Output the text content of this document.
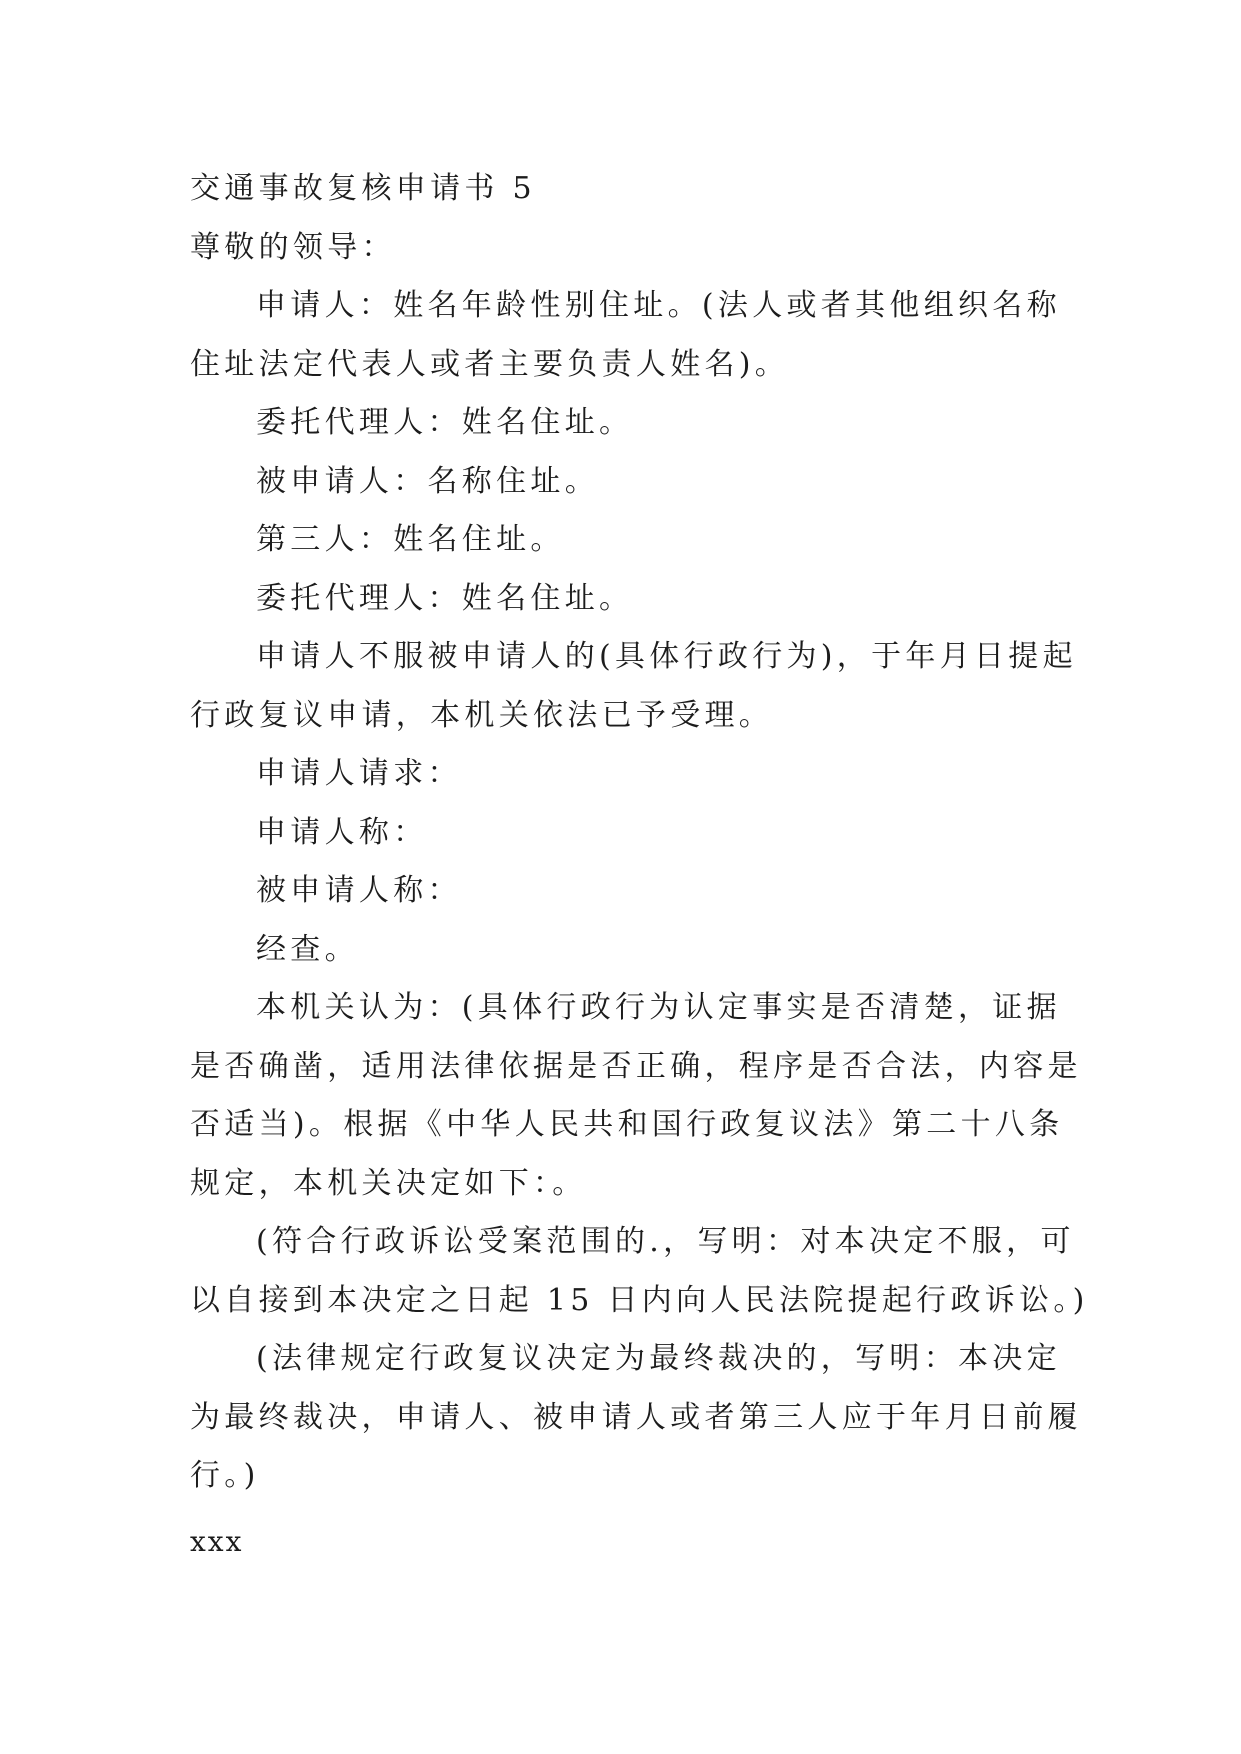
交通事故复核申请书 5
尊敬的领导：
申请人：姓名年龄性别住址。(法人或者其他组织名称
住址法定代表人或者主要负责人姓名)。
委托代理人：姓名住址。
被申请人：名称住址。
第三人：姓名住址。
委托代理人：姓名住址。
申请人不服被申请人的(具体行政行为)，于年月日提起
行政复议申请，本机关依法已予受理。
申请人请求：
申请人称：
被申请人称：
经查。
本机关认为：(具体行政行为认定事实是否清楚，证据
是否确凿，适用法律依据是否正确，程序是否合法，内容是
否适当)。根据《中华人民共和国行政复议法》第二十八条
规定，本机关决定如下：。
(符合行政诉讼受案范围的.，写明：对本决定不服，可
以自接到本决定之日起 15 日内向人民法院提起行政诉讼。)
(法律规定行政复议决定为最终裁决的，写明：本决定
为最终裁决，申请人、被申请人或者第三人应于年月日前履
行。)
xxx
